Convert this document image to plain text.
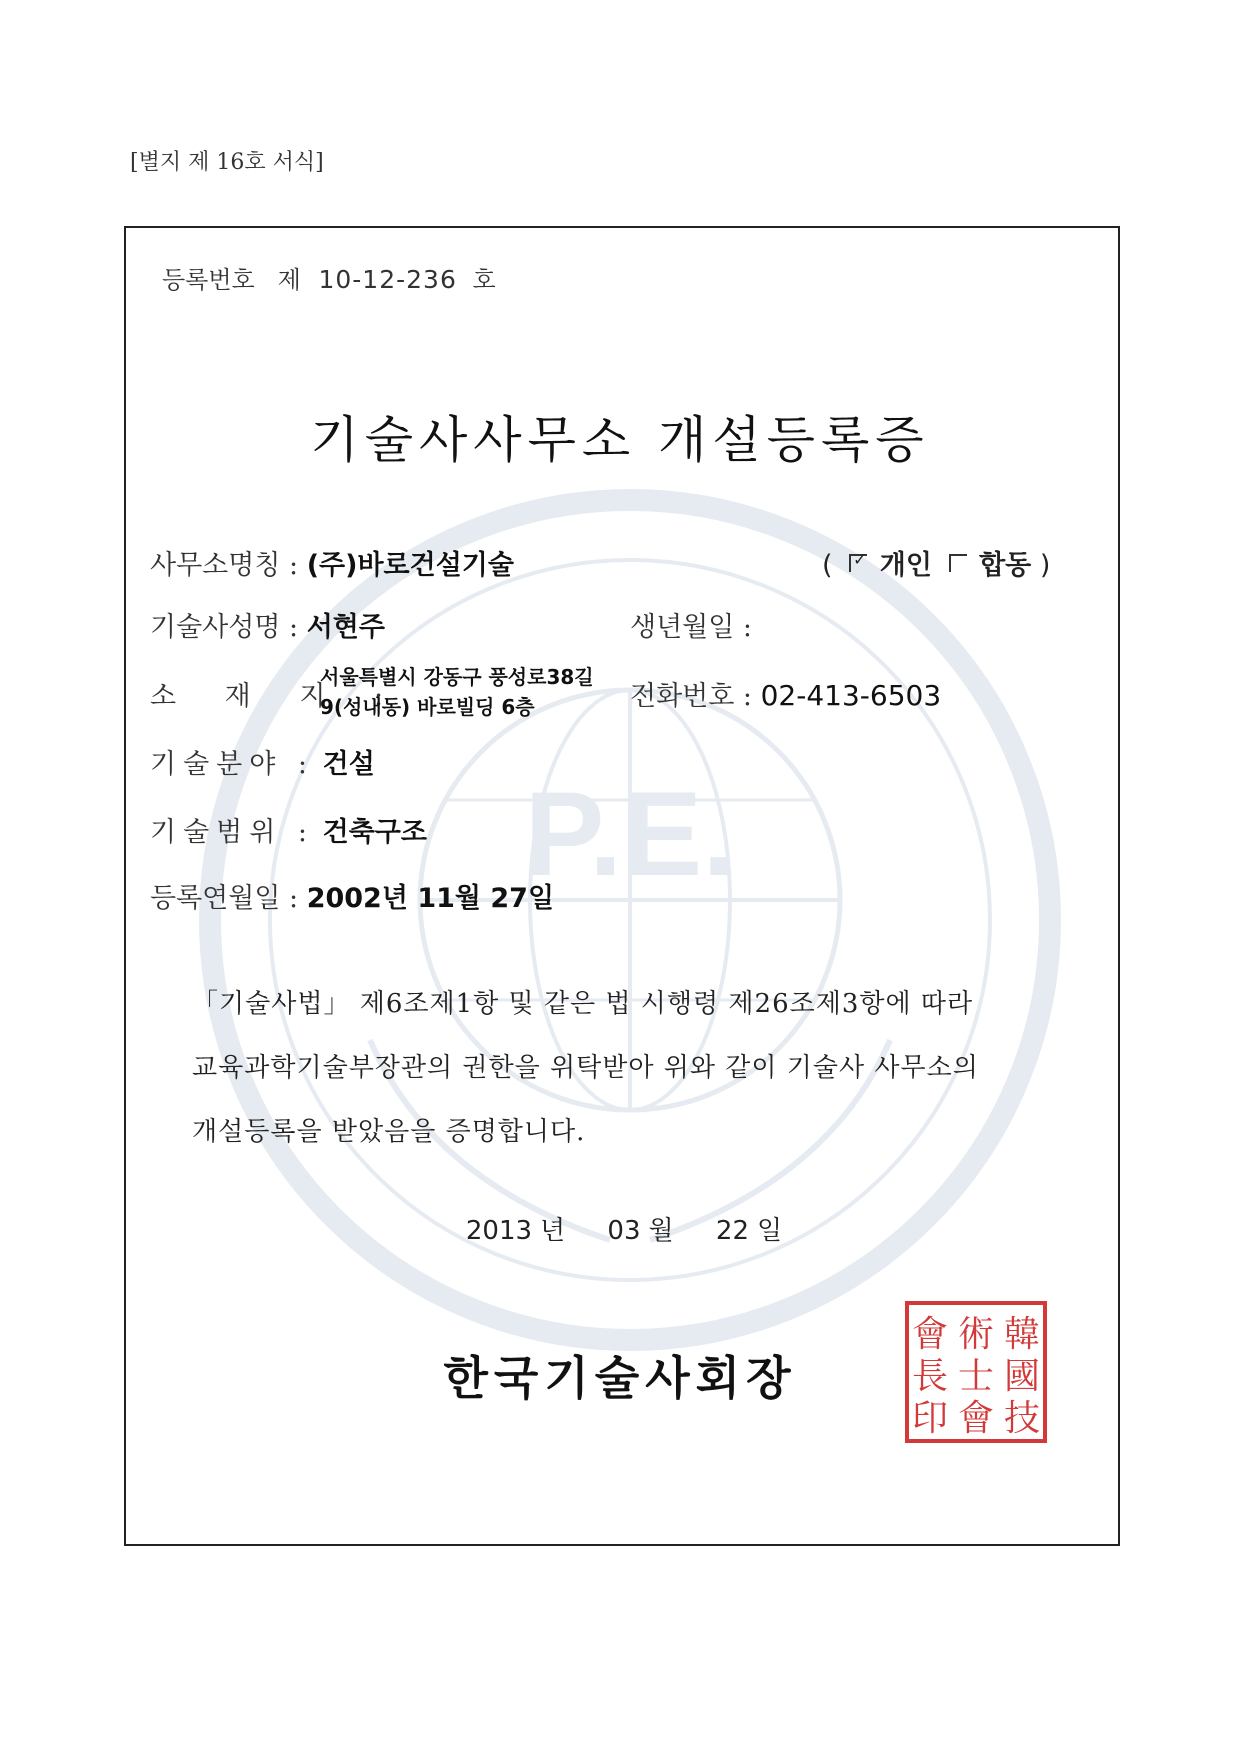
[별지 제 16호 서식]
P.E.
등록번호 제 10-12-236 호
기술사사무소 개설등록증
사무소명칭 : (주)바로건설기술	( ✓ 개인 합동 )
기술사성명 : 서현주	생년월일 :
소 재 지 :
서울특별시 강동구 풍성로38길
9(성내동) 바로빌딩 6층	전화번호 : 02-413-6503
기술분야 : 건설
기술범위 : 건축구조
등록연월일 : 2002년 11월 27일
「기술사법」 제6조제1항 및 같은 법 시행령 제26조제3항에 따라
교육과학기술부장관의 권한을 위탁받아 위와 같이 기술사 사무소의
개설등록을 받았음을 증명합니다.
2013 년 03 월 22 일
한국기술사회장
韓
國
技
術
士
會
會
長
印
